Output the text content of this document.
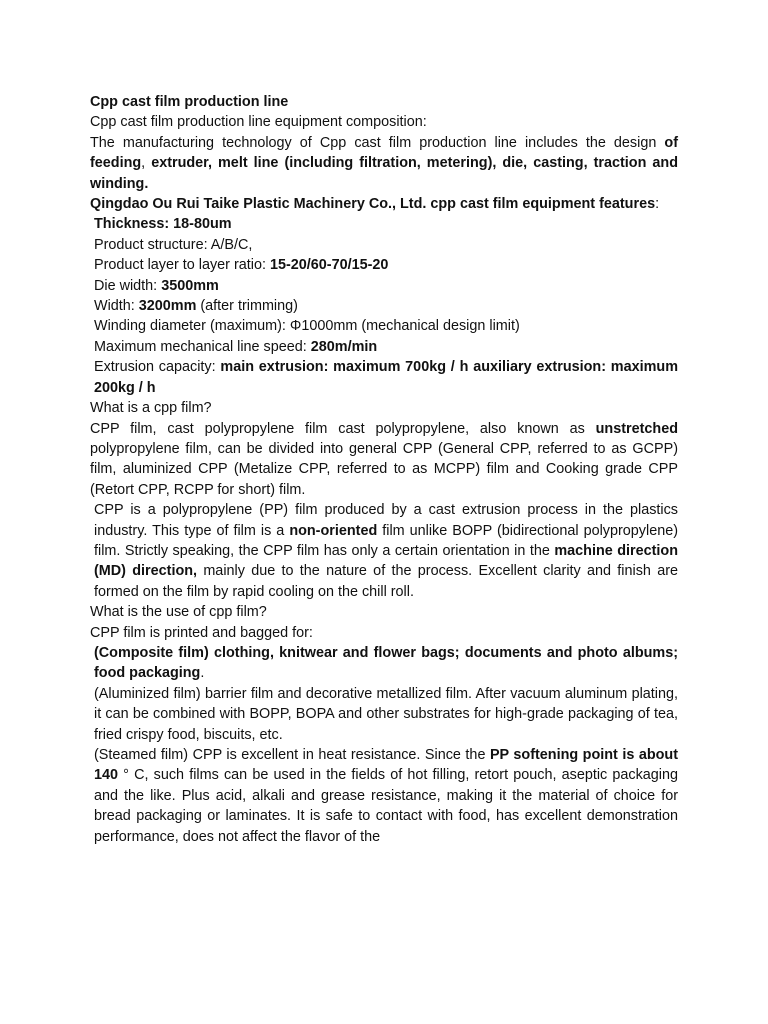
Cpp cast film production line

Cpp cast film production line equipment composition:

The manufacturing technology of Cpp cast film production line includes the design of feeding, extruder, melt line (including filtration, metering), die, casting, traction and winding.

Qingdao Ou Rui Taike Plastic Machinery Co., Ltd. cpp cast film equipment features:

Thickness: 18-80um

Product structure: A/B/C,

Product layer to layer ratio: 15-20/60-70/15-20

Die width: 3500mm

Width: 3200mm (after trimming)

Winding diameter (maximum): Φ1000mm (mechanical design limit)

Maximum mechanical line speed: 280m/min

Extrusion capacity: main extrusion: maximum 700kg / h auxiliary extrusion: maximum 200kg / h

What is a cpp film?

CPP film, cast polypropylene film cast polypropylene, also known as unstretched polypropylene film, can be divided into general CPP (General CPP, referred to as GCPP) film, aluminized CPP (Metalize CPP, referred to as MCPP) film and Cooking grade CPP (Retort CPP, RCPP for short) film.

CPP is a polypropylene (PP) film produced by a cast extrusion process in the plastics industry. This type of film is a non-oriented film unlike BOPP (bidirectional polypropylene) film. Strictly speaking, the CPP film has only a certain orientation in the machine direction (MD) direction, mainly due to the nature of the process. Excellent clarity and finish are formed on the film by rapid cooling on the chill roll.

What is the use of cpp film?

CPP film is printed and bagged for:

(Composite film) clothing, knitwear and flower bags; documents and photo albums; food packaging.

(Aluminized film) barrier film and decorative metallized film. After vacuum aluminum plating, it can be combined with BOPP, BOPA and other substrates for high-grade packaging of tea, fried crispy food, biscuits, etc.

(Steamed film) CPP is excellent in heat resistance. Since the PP softening point is about 140 ° C, such films can be used in the fields of hot filling, retort pouch, aseptic packaging and the like. Plus acid, alkali and grease resistance, making it the material of choice for bread packaging or laminates. It is safe to contact with food, has excellent demonstration performance, does not affect the flavor of the
